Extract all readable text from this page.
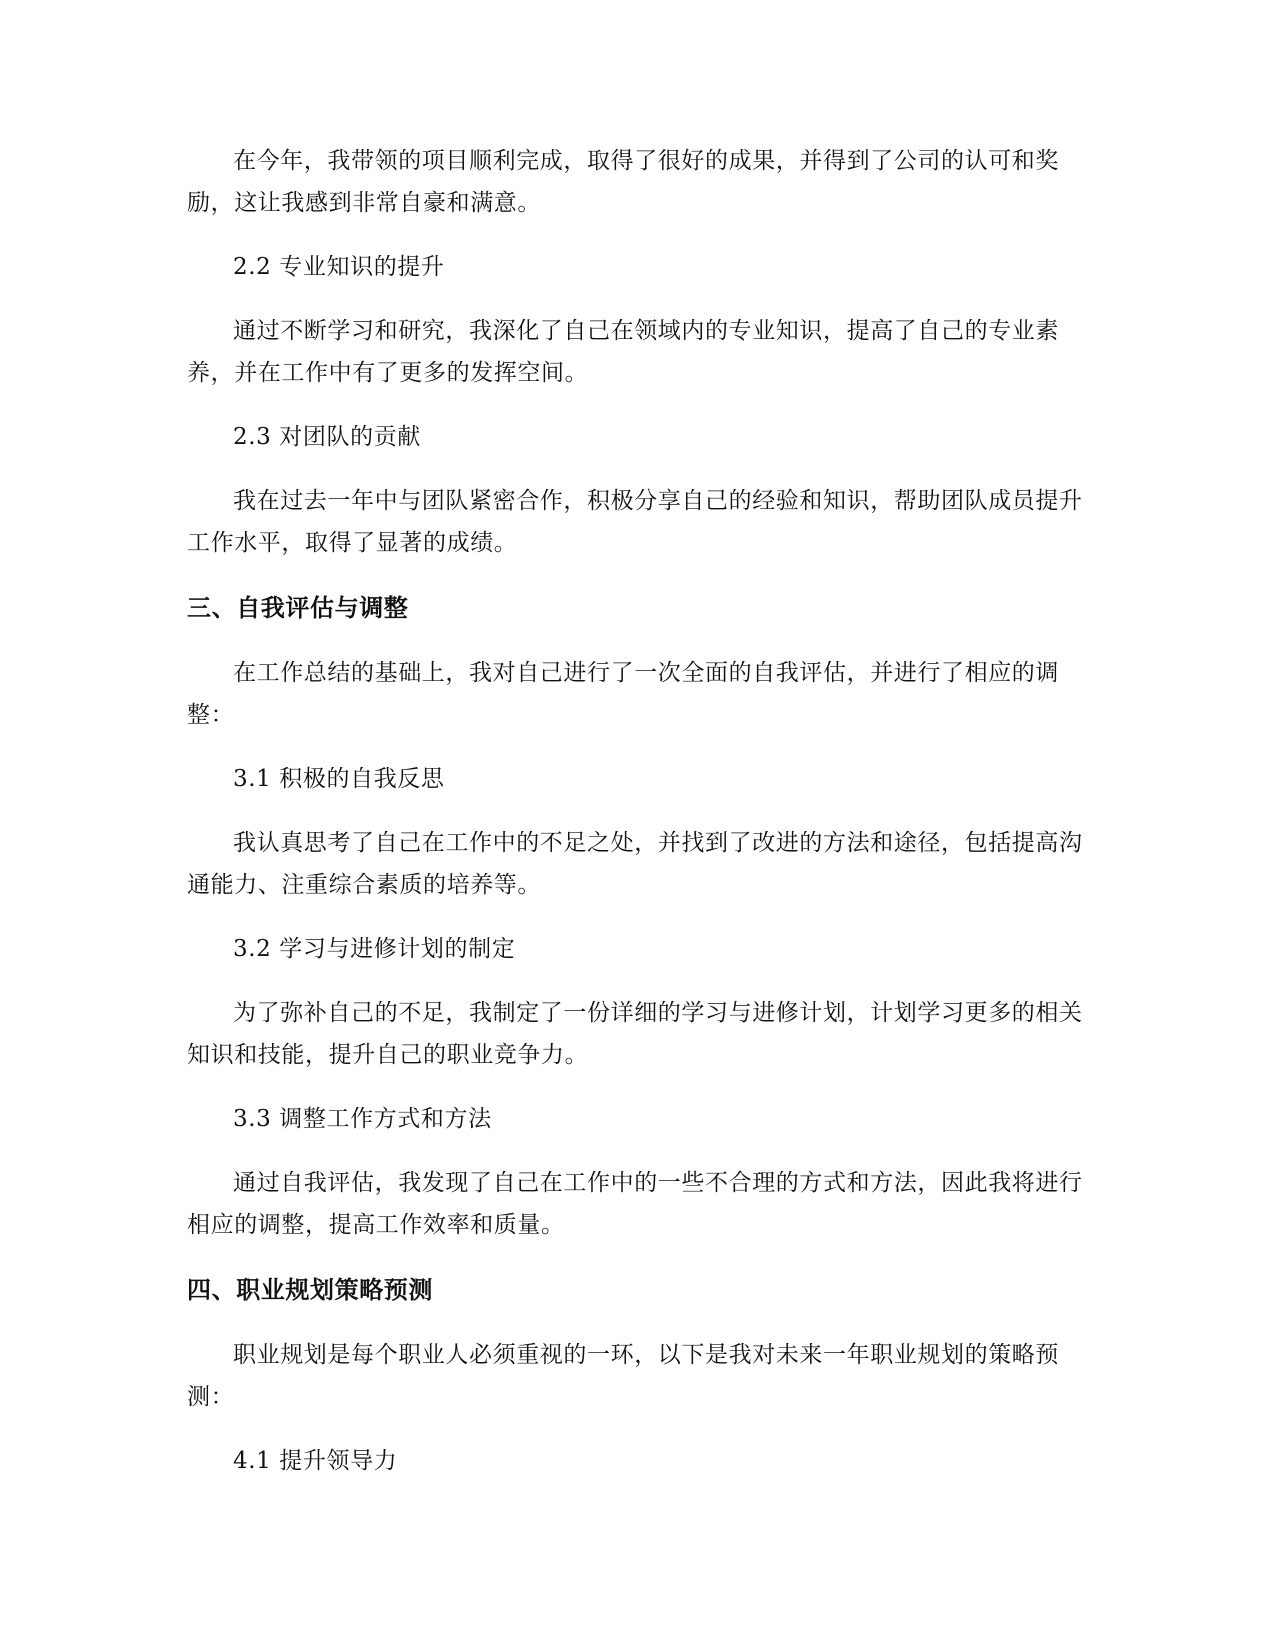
在今年，我带领的项目顺利完成，取得了很好的成果，并得到了公司的认可和奖励，这让我感到非常自豪和满意。

2.2 专业知识的提升

通过不断学习和研究，我深化了自己在领域内的专业知识，提高了自己的专业素养，并在工作中有了更多的发挥空间。

2.3 对团队的贡献

我在过去一年中与团队紧密合作，积极分享自己的经验和知识，帮助团队成员提升工作水平，取得了显著的成绩。

三、自我评估与调整

在工作总结的基础上，我对自己进行了一次全面的自我评估，并进行了相应的调整：

3.1 积极的自我反思

我认真思考了自己在工作中的不足之处，并找到了改进的方法和途径，包括提高沟通能力、注重综合素质的培养等。

3.2 学习与进修计划的制定

为了弥补自己的不足，我制定了一份详细的学习与进修计划，计划学习更多的相关知识和技能，提升自己的职业竞争力。

3.3 调整工作方式和方法

通过自我评估，我发现了自己在工作中的一些不合理的方式和方法，因此我将进行相应的调整，提高工作效率和质量。

四、职业规划策略预测

职业规划是每个职业人必须重视的一环，以下是我对未来一年职业规划的策略预测：

4.1 提升领导力
